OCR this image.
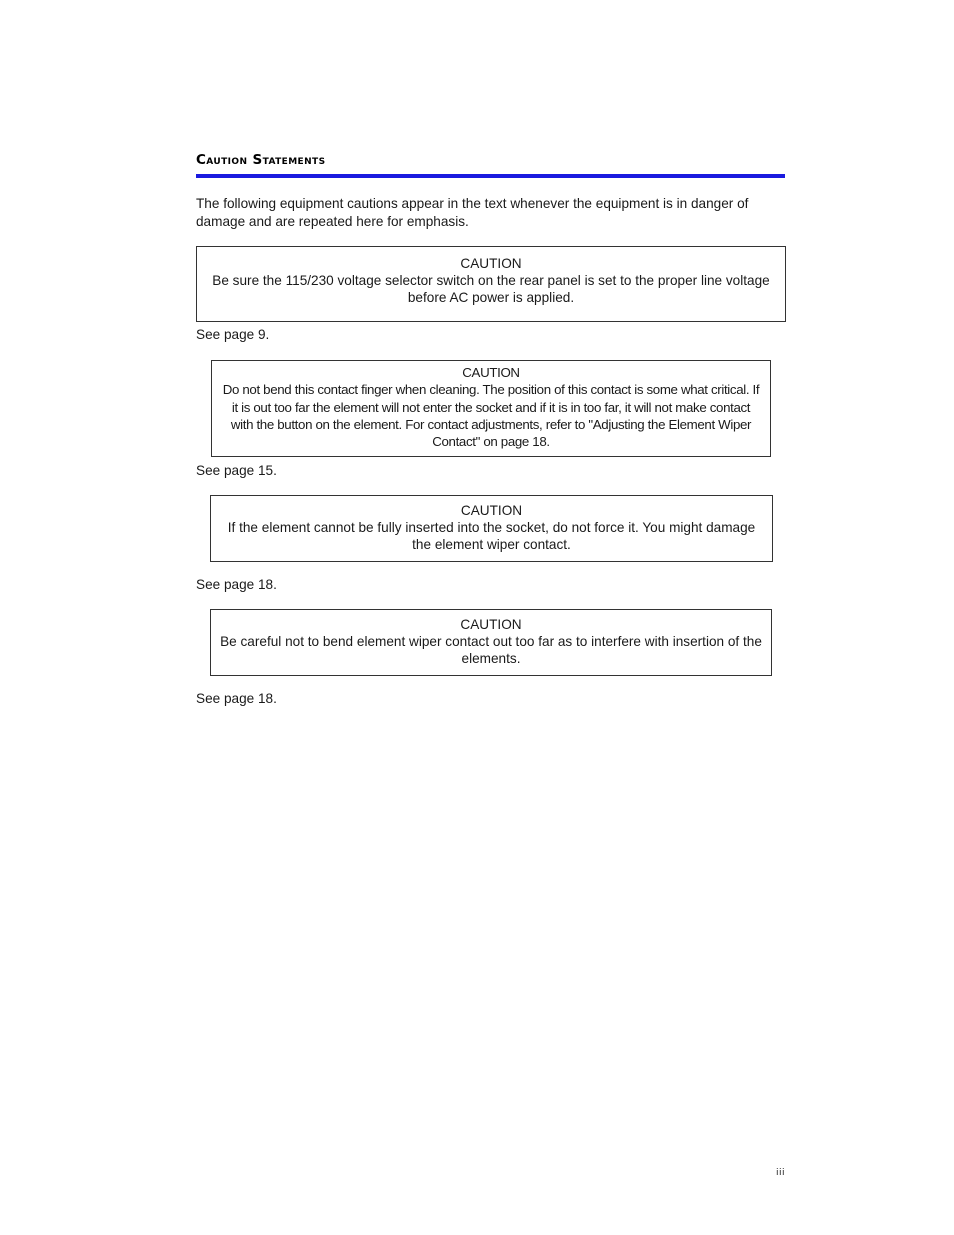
Caution Statements

The following equipment cautions appear in the text whenever the equipment is in danger of damage and are repeated here for emphasis.

CAUTION
Be sure the 115/230 voltage selector switch on the rear panel is set to the proper line voltage before AC power is applied.

See page 9.

CAUTION
Do not bend this contact finger when cleaning. The position of this contact is some what critical. If it is out too far the element will not enter the socket and if it is in too far, it will not make contact with the button on the element. For contact adjustments, refer to "Adjusting the Element Wiper Contact" on page 18.

See page 15.

CAUTION
If the element cannot be fully inserted into the socket, do not force it. You might damage the element wiper contact.

See page 18.

CAUTION
Be careful not to bend element wiper contact out too far as to interfere with insertion of the elements.

See page 18.

iii
